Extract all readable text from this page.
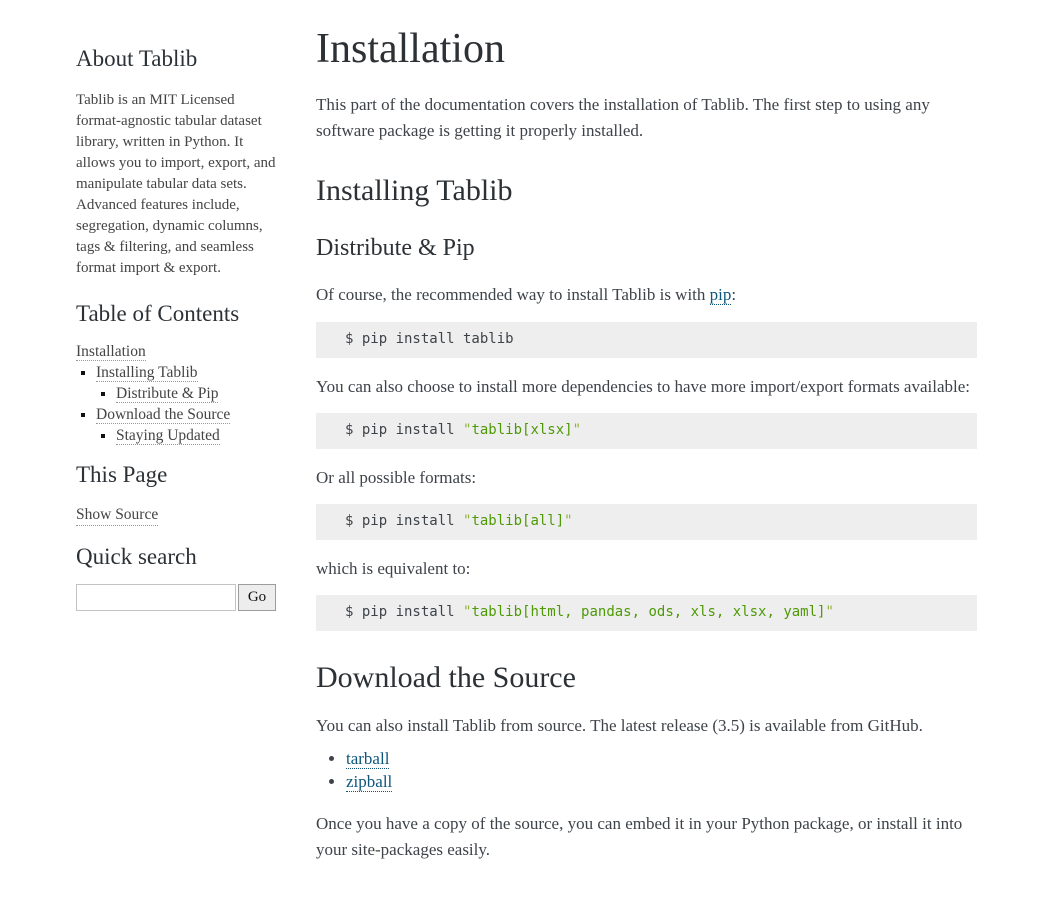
About Tablib

Tablib is an MIT Licensed format-agnostic tabular dataset library, written in Python. It allows you to import, export, and manipulate tabular data sets. Advanced features include, segregation, dynamic columns, tags & filtering, and seamless format import & export.

Table of Contents
Installation
▪ Installing Tablib
▪ Distribute & Pip
▪ Download the Source
▪ Staying Updated
This Page
Show Source
Quick search
Go
Installation

This part of the documentation covers the installation of Tablib. The first step to using any software package is getting it properly installed.

Installing Tablib
Distribute & Pip

Of course, the recommended way to install Tablib is with pip:

$ pip install tablib

You can also choose to install more dependencies to have more import/export formats available:

$ pip install "tablib[xlsx]"

Or all possible formats:

$ pip install "tablib[all]"

which is equivalent to:

$ pip install "tablib[html, pandas, ods, xls, xlsx, yaml]"
Download the Source

You can also install Tablib from source. The latest release (3.5) is available from GitHub.

• tarball
• zipball

Once you have a copy of the source, you can embed it in your Python package, or install it into your site-packages easily.
